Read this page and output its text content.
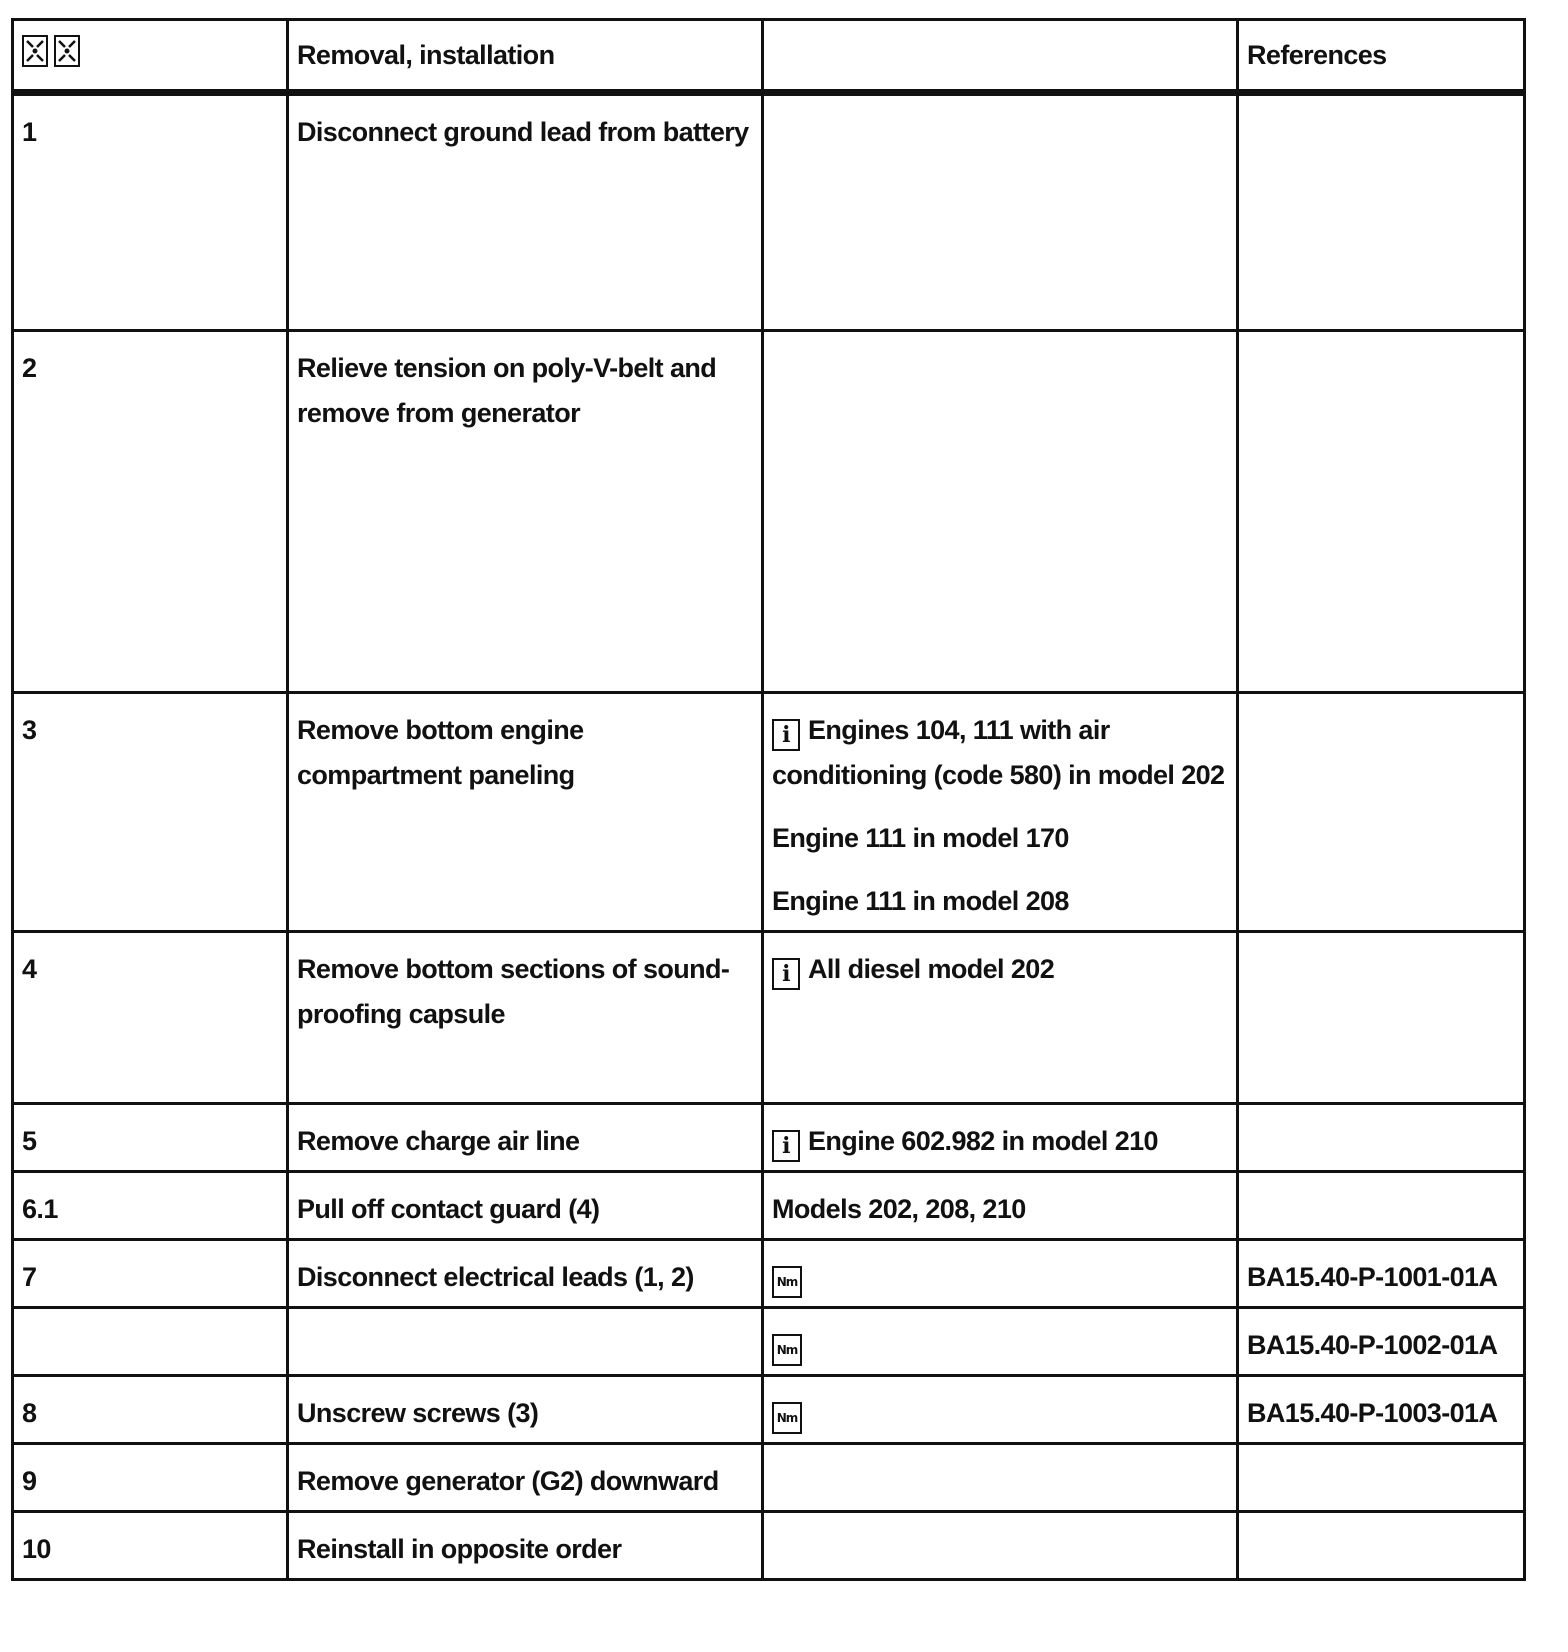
	Removal, installation		References
1	Disconnect ground lead from battery		
2	Relieve tension on poly-V-belt and remove from generator		
3	Remove bottom engine compartment paneling	i Engines 104, 111 with air conditioning (code 580) in model 202
Engine 111 in model 170
Engine 111 in model 208	

4	Remove bottom sections of sound-proofing capsule	i All diesel model 202	

5	Remove charge air line	i Engine 602.982 in model 210	

6.1	Pull off contact guard (4)	Models 202, 208, 210	
7	Disconnect electrical leads (1, 2)	Nm	BA15.40-P-1001-01A
		Nm	BA15.40-P-1002-01A
8	Unscrew screws (3)	Nm	BA15.40-P-1003-01A
9	Remove generator (G2) downward		
10	Reinstall in opposite order		
